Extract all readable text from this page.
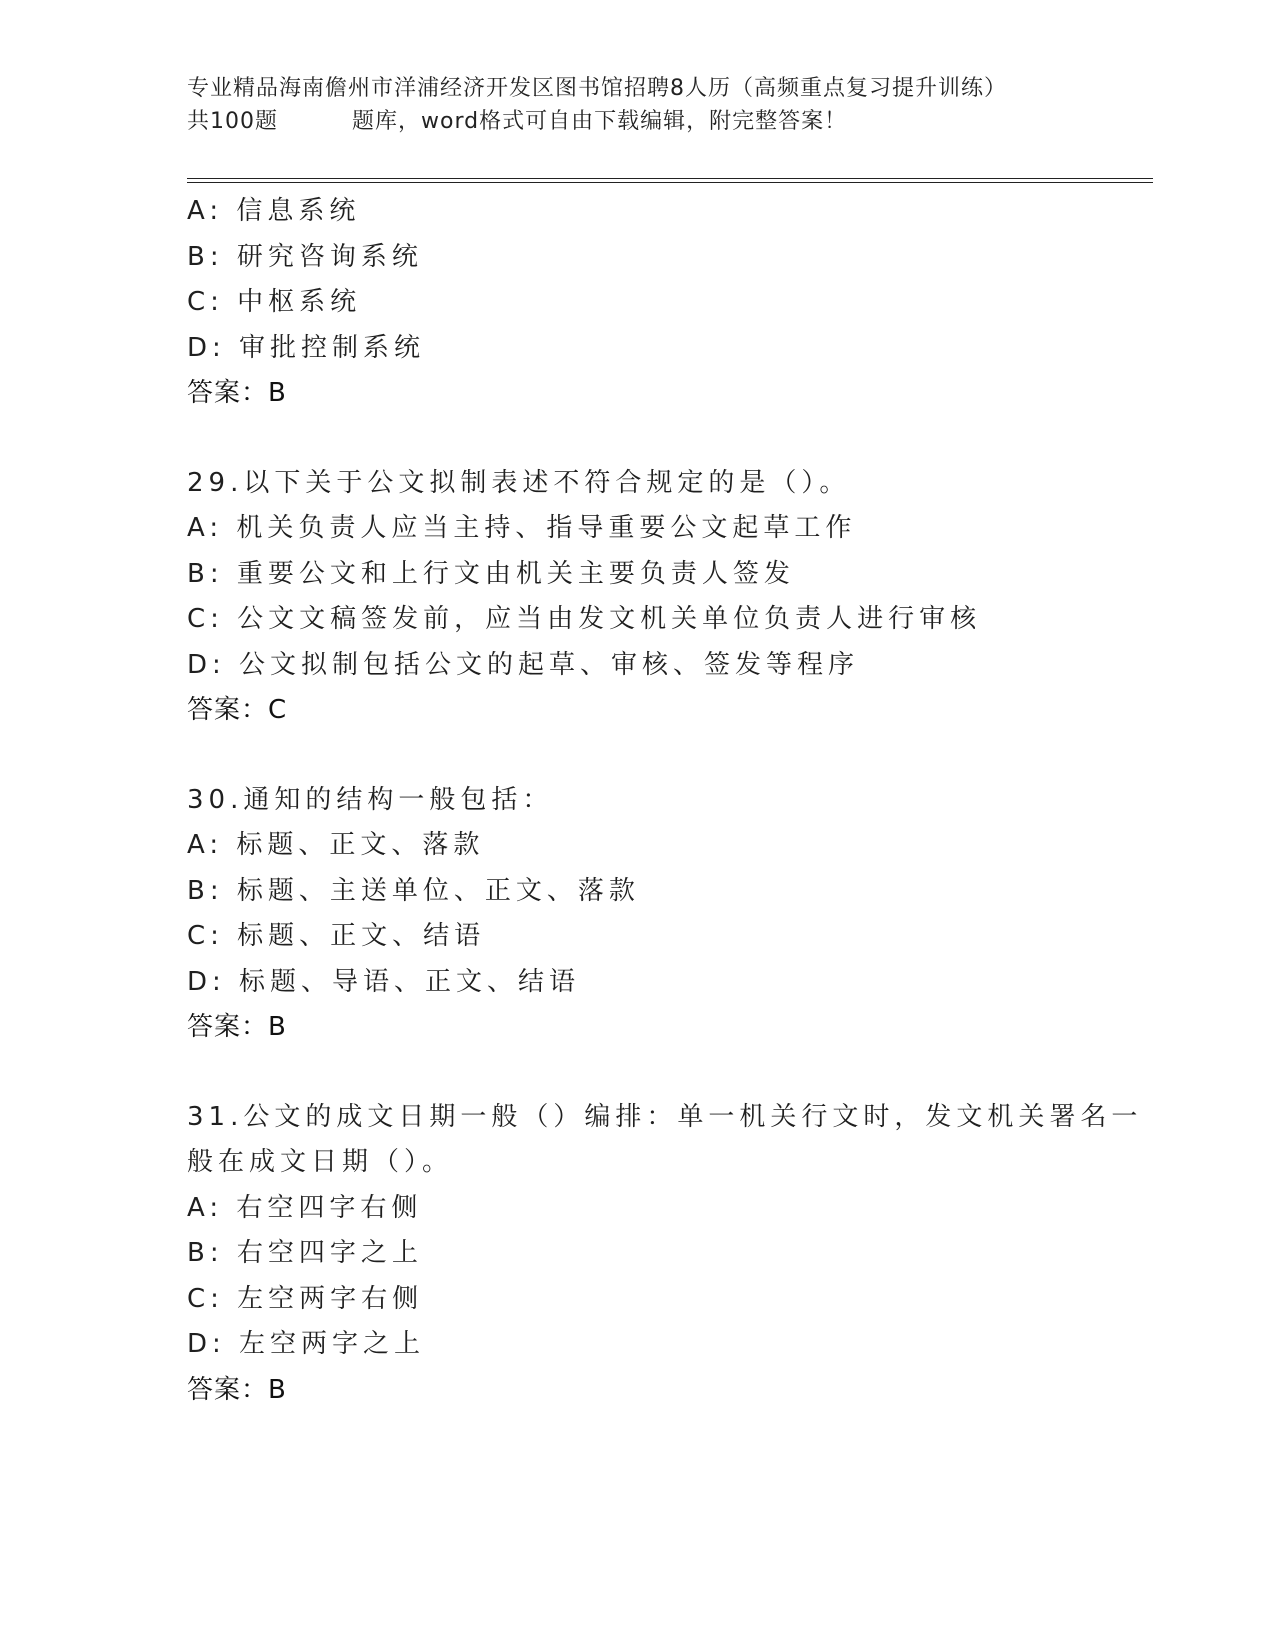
专业精品海南儋州市洋浦经济开发区图书馆招聘8人历（高频重点复习提升训练）
共100题	题库，word格式可自由下载编辑，附完整答案！
A: 信息系统
B: 研究咨询系统
C: 中枢系统
D: 审批控制系统
答案：B
29.以下关于公文拟制表述不符合规定的是（）。
A: 机关负责人应当主持、指导重要公文起草工作
B: 重要公文和上行文由机关主要负责人签发
C: 公文文稿签发前，应当由发文机关单位负责人进行审核
D: 公文拟制包括公文的起草、审核、签发等程序
答案：C
30.通知的结构一般包括：
A: 标题、正文、落款
B: 标题、主送单位、正文、落款
C: 标题、正文、结语
D: 标题、导语、正文、结语
答案：B
31.公文的成文日期一般（）编排：单一机关行文时，发文机关署名一
般在成文日期（）。
A: 右空四字右侧
B: 右空四字之上
C: 左空两字右侧
D: 左空两字之上
答案：B
